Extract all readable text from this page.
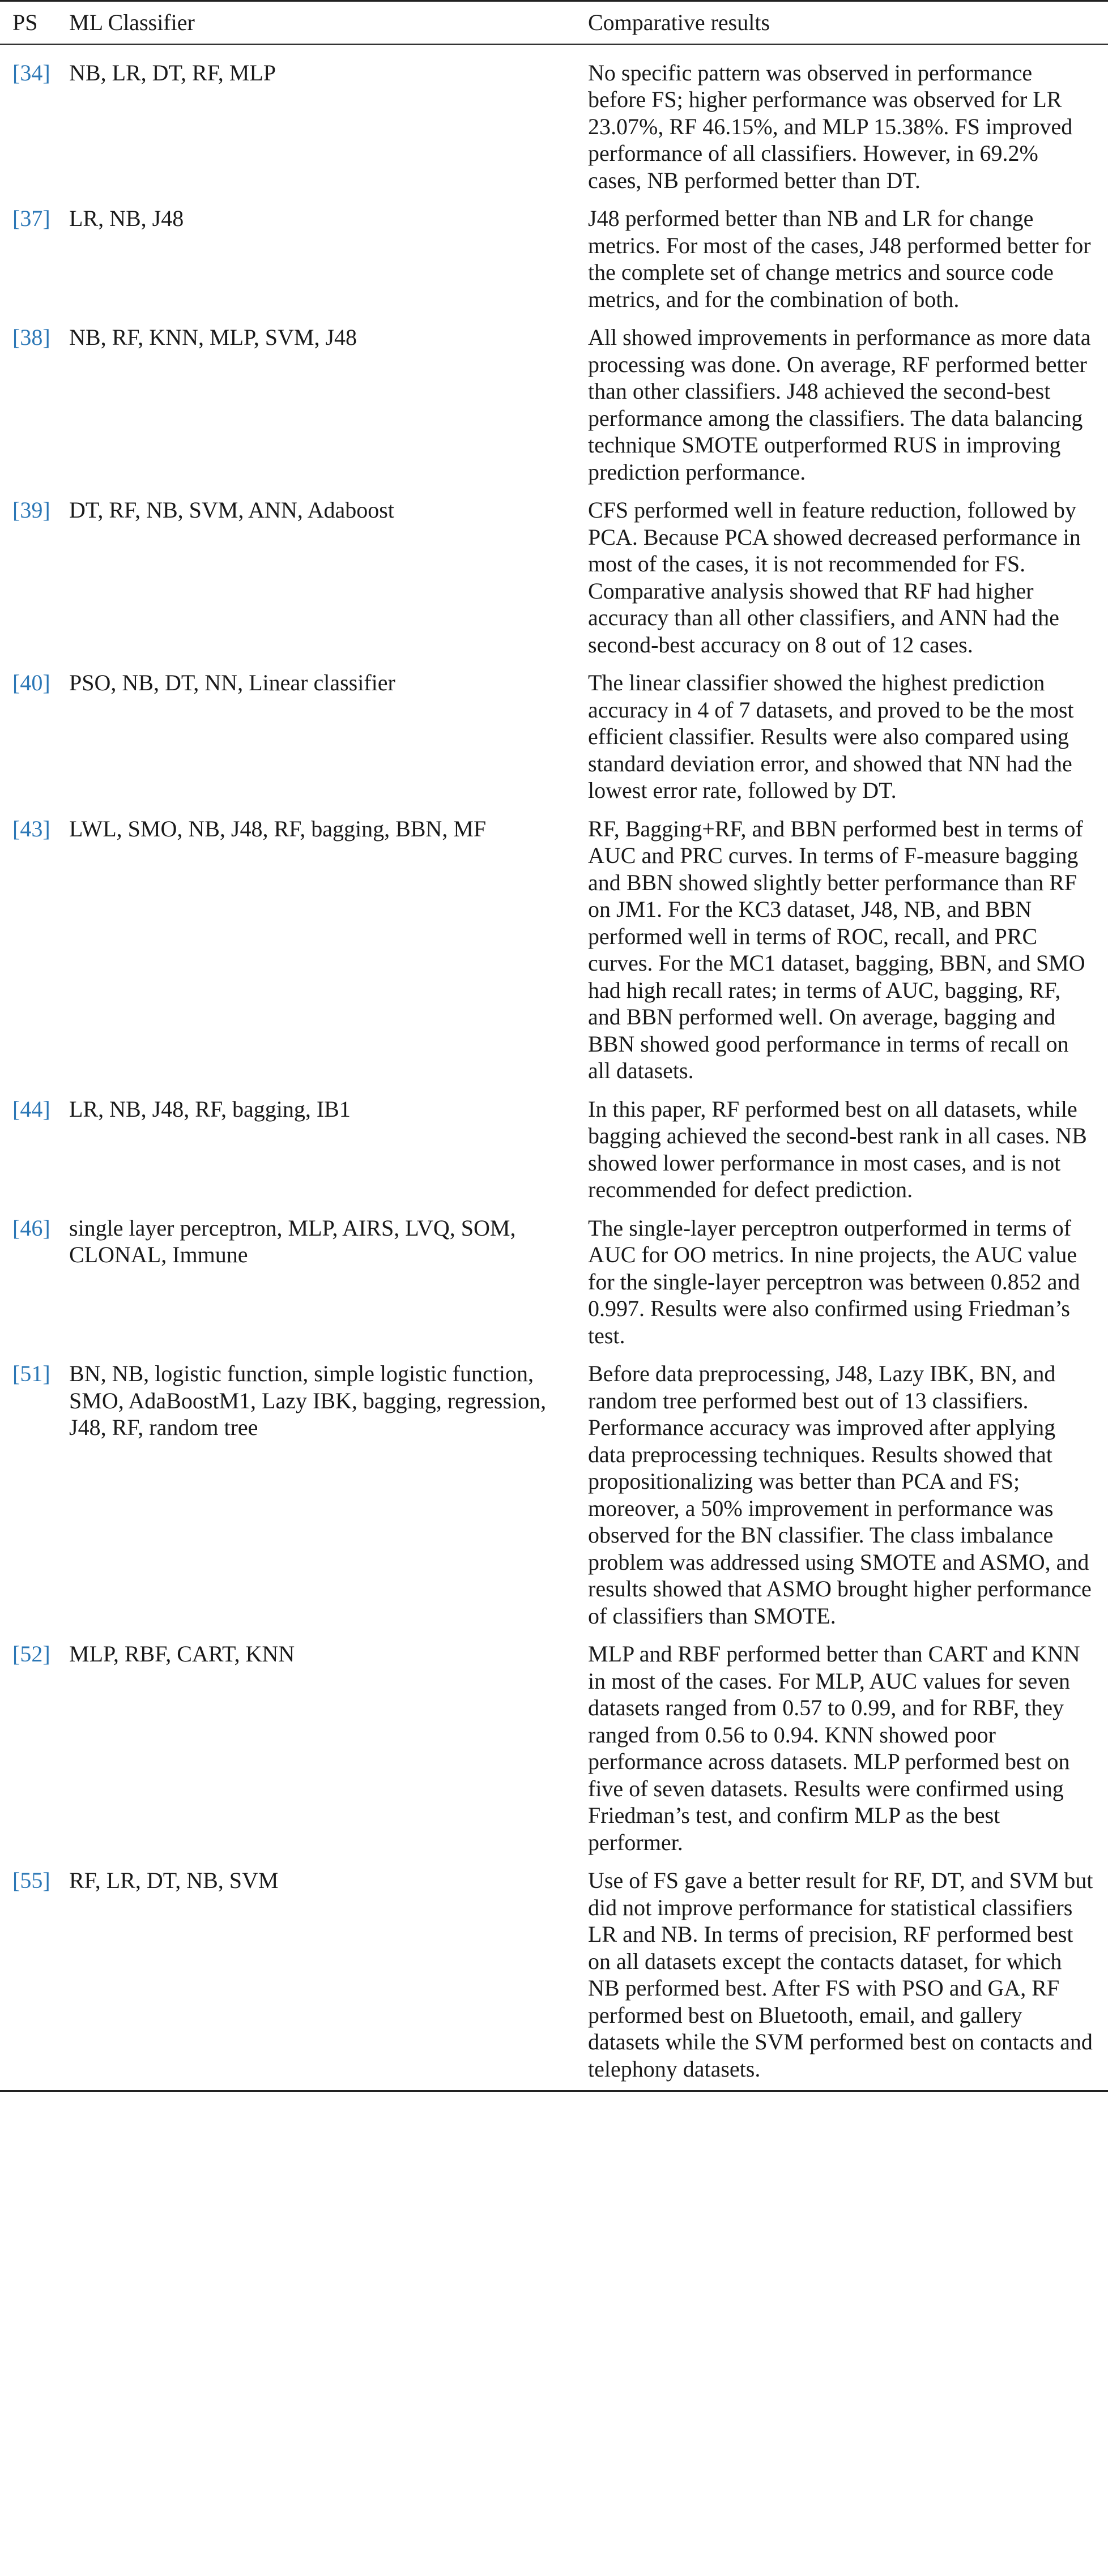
PS	ML Classifier	Comparative results
[34]	NB, LR, DT, RF, MLP	No specific pattern was observed in performance before FS; higher performance was observed for LR 23.07%, RF 46.15%, and MLP 15.38%. FS improved performance of all classifiers. However, in 69.2% cases, NB performed better than DT.
[37]	LR, NB, J48	J48 performed better than NB and LR for change metrics. For most of the cases, J48 performed better for the complete set of change metrics and source code metrics, and for the combination of both.
[38]	NB, RF, KNN, MLP, SVM, J48	All showed improvements in performance as more data processing was done. On average, RF performed better than other classifiers. J48 achieved the second-best performance among the classifiers. The data balancing technique SMOTE outperformed RUS in improving prediction performance.
[39]	DT, RF, NB, SVM, ANN, Adaboost	CFS performed well in feature reduction, followed by PCA. Because PCA showed decreased performance in most of the cases, it is not recommended for FS. Comparative analysis showed that RF had higher accuracy than all other classifiers, and ANN had the second-best accuracy on 8 out of 12 cases.
[40]	PSO, NB, DT, NN, Linear classifier	The linear classifier showed the highest prediction accuracy in 4 of 7 datasets, and proved to be the most efficient classifier. Results were also compared using standard deviation error, and showed that NN had the lowest error rate, followed by DT.
[43]	LWL, SMO, NB, J48, RF, bagging, BBN, MF	RF, Bagging+RF, and BBN performed best in terms of AUC and PRC curves. In terms of F-measure bagging and BBN showed slightly better performance than RF on JM1. For the KC3 dataset, J48, NB, and BBN performed well in terms of ROC, recall, and PRC curves. For the MC1 dataset, bagging, BBN, and SMO had high recall rates; in terms of AUC, bagging, RF, and BBN performed well. On average, bagging and BBN showed good performance in terms of recall on all datasets.
[44]	LR, NB, J48, RF, bagging, IB1	In this paper, RF performed best on all datasets, while bagging achieved the second-best rank in all cases. NB showed lower performance in most cases, and is not recommended for defect prediction.
[46]	single layer perceptron, MLP, AIRS, LVQ, SOM, CLONAL, Immune	The single-layer perceptron outperformed in terms of AUC for OO metrics. In nine projects, the AUC value for the single-layer perceptron was between 0.852 and 0.997. Results were also confirmed using Friedman’s test.
[51]	BN, NB, logistic function, simple logistic function, SMO, AdaBoostM1, Lazy IBK, bagging, regression, J48, RF, random tree	Before data preprocessing, J48, Lazy IBK, BN, and random tree performed best out of 13 classifiers. Performance accuracy was improved after applying data preprocessing techniques. Results showed that propositionalizing was better than PCA and FS; moreover, a 50% improvement in performance was observed for the BN classifier. The class imbalance problem was addressed using SMOTE and ASMO, and results showed that ASMO brought higher performance of classifiers than SMOTE.
[52]	MLP, RBF, CART, KNN	MLP and RBF performed better than CART and KNN in most of the cases. For MLP, AUC values for seven datasets ranged from 0.57 to 0.99, and for RBF, they ranged from 0.56 to 0.94. KNN showed poor performance across datasets. MLP performed best on five of seven datasets. Results were confirmed using Friedman’s test, and confirm MLP as the best performer.
[55]	RF, LR, DT, NB, SVM	Use of FS gave a better result for RF, DT, and SVM but did not improve performance for statistical classifiers LR and NB. In terms of precision, RF performed best on all datasets except the contacts dataset, for which NB performed best. After FS with PSO and GA, RF performed best on Bluetooth, email, and gallery datasets while the SVM performed best on contacts and telephony datasets.
